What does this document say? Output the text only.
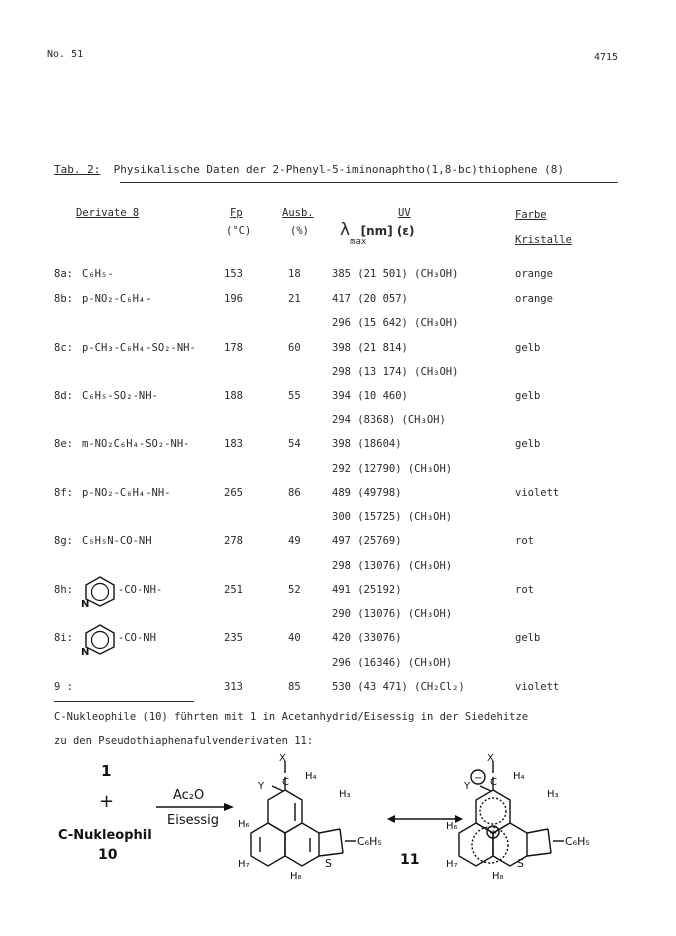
No. 51	4715
Tab. 2: Physikalische Daten der 2-Phenyl-5-iminonaphtho(1,8-bc)thiophene (8)
Derivate 8	Fp
(°C)
Ausb.
(%)
UV
λmax [nm] (ε)
Farbe
Kristalle
8a:
8b:
8c:
8d:
8e:
8f:
8g:
8h:
8i:
9 :
C₆H₅-
p-NO₂-C₆H₄-
p-CH₃-C₆H₄-SO₂-NH-
C₆H₅-SO₂-NH-
m-NO₂C₆H₄-SO₂-NH-
p-NO₂-C₆H₄-NH-
C₅H₅N-CO-NH
-CO-NH-
-CO-NH
N
N
153
196
178
188
183
265
278
251
235
313
18
21
60
55
54
86
49
52
40
85
385 (21 501) (CH₃OH)
417 (20 057)
296 (15 642) (CH₃OH)
398 (21 814)
298 (13 174) (CH₃OH)
394 (10 460)
294 (8368) (CH₃OH)
398 (18604)
292 (12790) (CH₃OH)
489 (49798)
300 (15725) (CH₃OH)
497 (25769)
298 (13076) (CH₃OH)
491 (25192)
290 (13076) (CH₃OH)
420 (33076)
296 (16346) (CH₃OH)
530 (43 471) (CH₂Cl₂)
orange
orange
gelb
gelb
gelb
violett
rot
rot
gelb
violett
C-Nukleophile (10) führten mit 1 in Acetanhydrid/Eisessig in der Siedehitze
zu den Pseudothiaphenafulvenderivaten 11:
1
+
C-Nukleophil
10
Ac₂O
Eisessig
X
Y C
H₄
H₃
H₆
H₇
H₈
S
C₆H₅
11
−
+
X
Y C
H₄
H₃
H₆
H₇
H₈
S
C₆H₅
